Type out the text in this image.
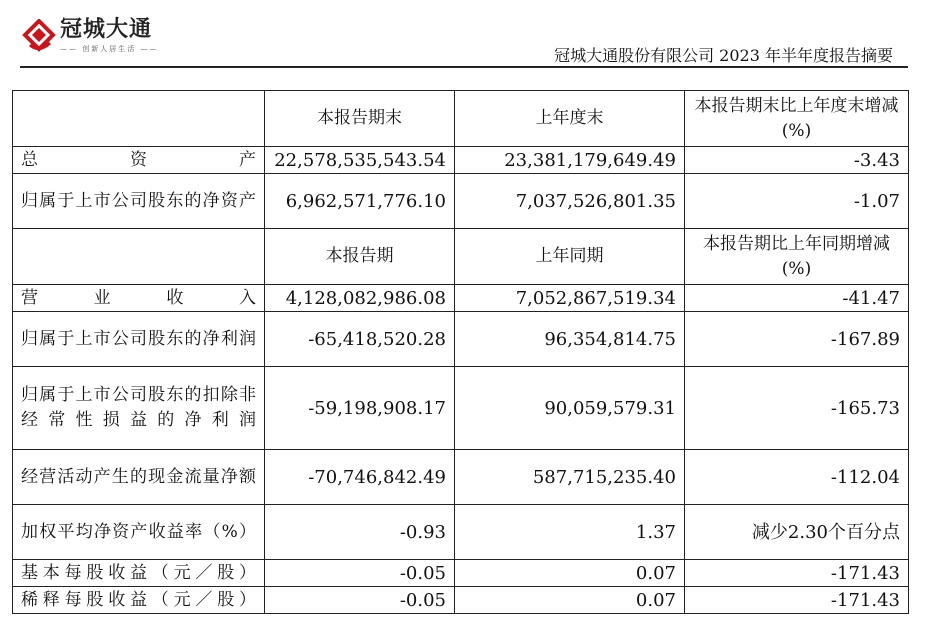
冠城大通
—— 创新人居生活 ——	冠城大通股份有限公司 2023 年半年度报告摘要
	本报告期末	上年度末	本报告期末比上年度末增减(%)
总资产	22,578,535,543.54	23,381,179,649.49	-3.43
归属于上市公司股东的净资产	6,962,571,776.10	7,037,526,801.35	-1.07
	本报告期	上年同期	本报告期比上年同期增减(%)
营业收入	4,128,082,986.08	7,052,867,519.34	-41.47
归属于上市公司股东的净利润	-65,418,520.28	96,354,814.75	-167.89
归属于上市公司股东的扣除非经常性损益的净利润	-59,198,908.17	90,059,579.31	-165.73
经营活动产生的现金流量净额	-70,746,842.49	587,715,235.40	-112.04
加权平均净资产收益率（%）	-0.93	1.37	减少2.30个百分点
基本每股收益（元／股）	-0.05	0.07	-171.43
稀释每股收益（元／股）	-0.05	0.07	-171.43
